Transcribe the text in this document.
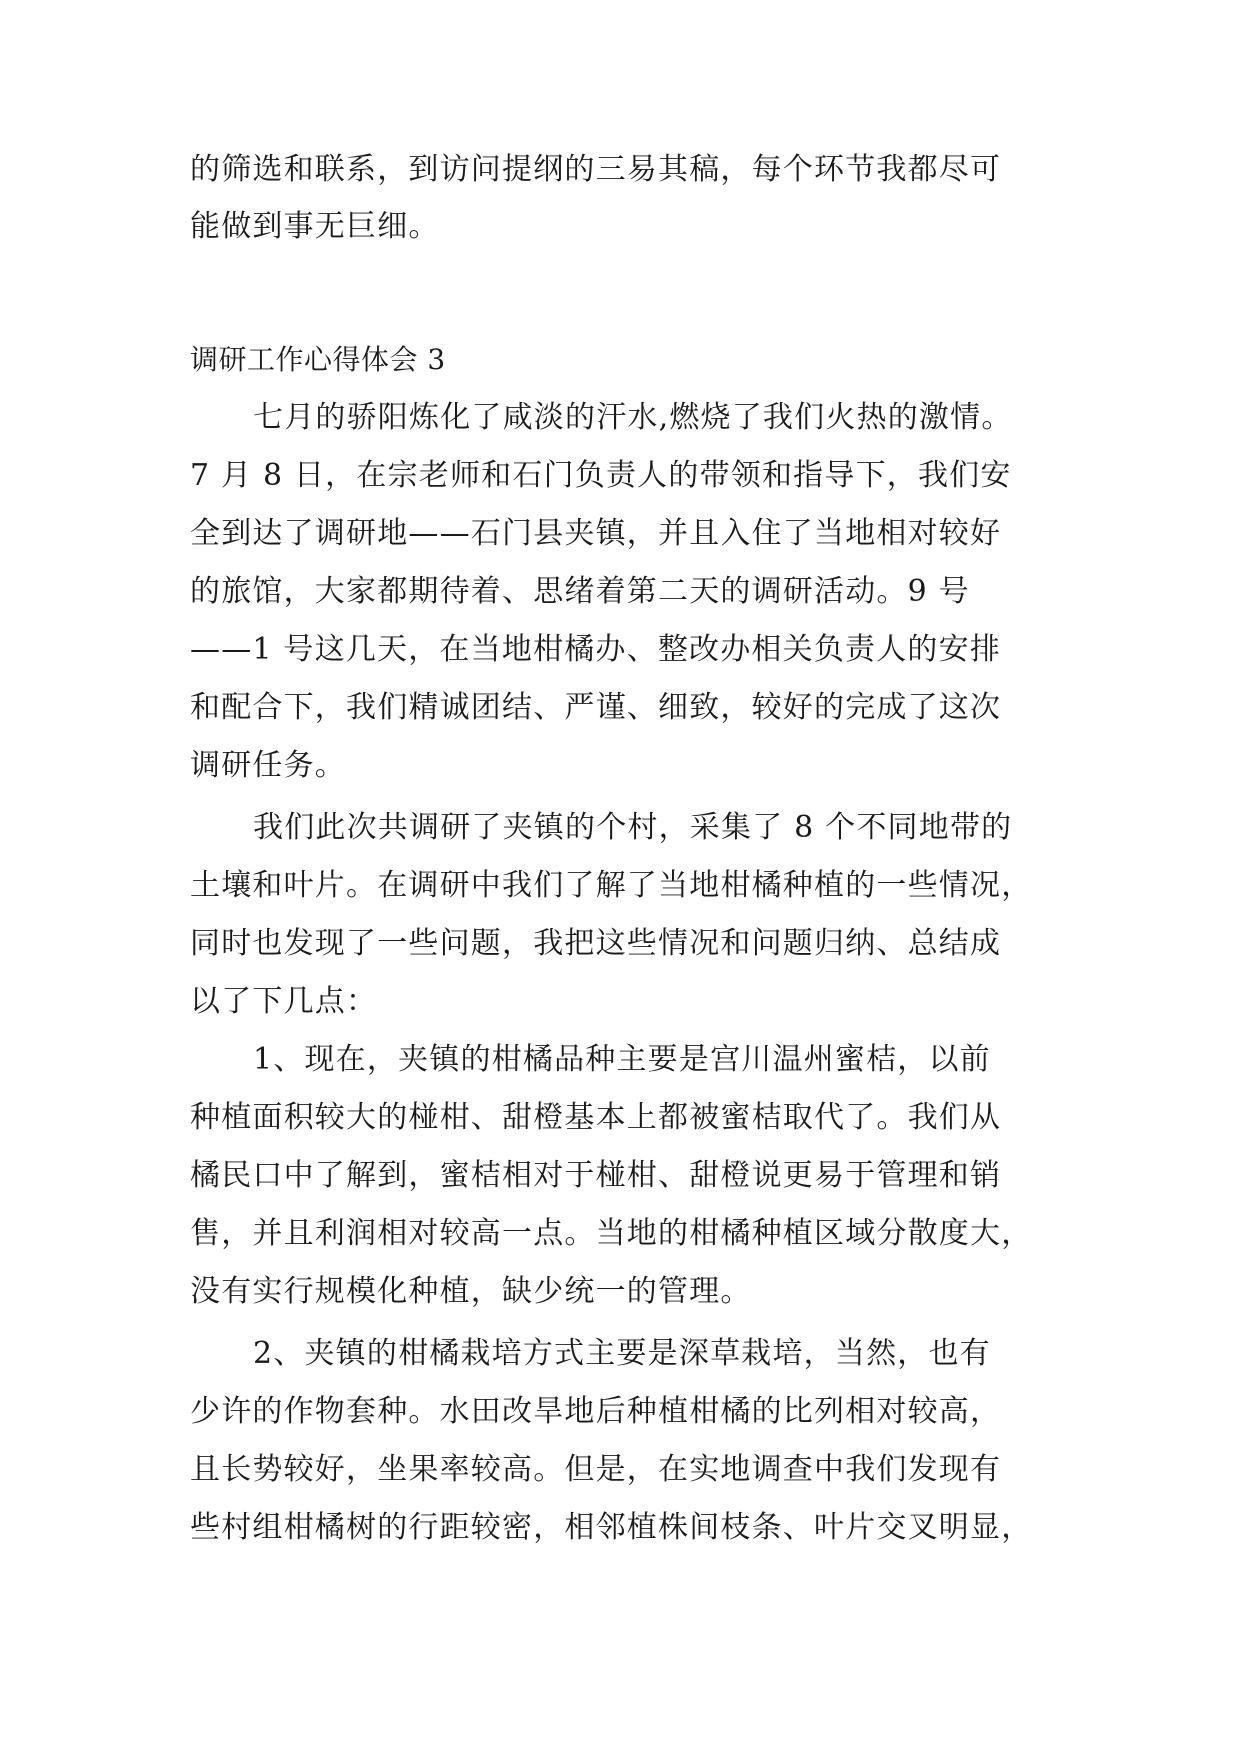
的筛选和联系，到访问提纲的三易其稿，每个环节我都尽可
能做到事无巨细。
调研工作心得体会 3
七月的骄阳炼化了咸淡的汗水,燃烧了我们火热的激情。
7 月 8 日，在宗老师和石门负责人的带领和指导下，我们安
全到达了调研地——石门县夹镇，并且入住了当地相对较好
的旅馆，大家都期待着、思绪着第二天的调研活动。9 号
——1 号这几天，在当地柑橘办、整改办相关负责人的安排
和配合下，我们精诚团结、严谨、细致，较好的完成了这次
调研任务。
我们此次共调研了夹镇的个村，采集了 8 个不同地带的
土壤和叶片。在调研中我们了解了当地柑橘种植的一些情况，
同时也发现了一些问题，我把这些情况和问题归纳、总结成
以了下几点：
1、现在，夹镇的柑橘品种主要是宫川温州蜜桔，以前
种植面积较大的椪柑、甜橙基本上都被蜜桔取代了。我们从
橘民口中了解到，蜜桔相对于椪柑、甜橙说更易于管理和销
售，并且利润相对较高一点。当地的柑橘种植区域分散度大，
没有实行规模化种植，缺少统一的管理。
2、夹镇的柑橘栽培方式主要是深草栽培，当然，也有
少许的作物套种。水田改旱地后种植柑橘的比列相对较高，
且长势较好，坐果率较高。但是，在实地调查中我们发现有
些村组柑橘树的行距较密，相邻植株间枝条、叶片交叉明显，
